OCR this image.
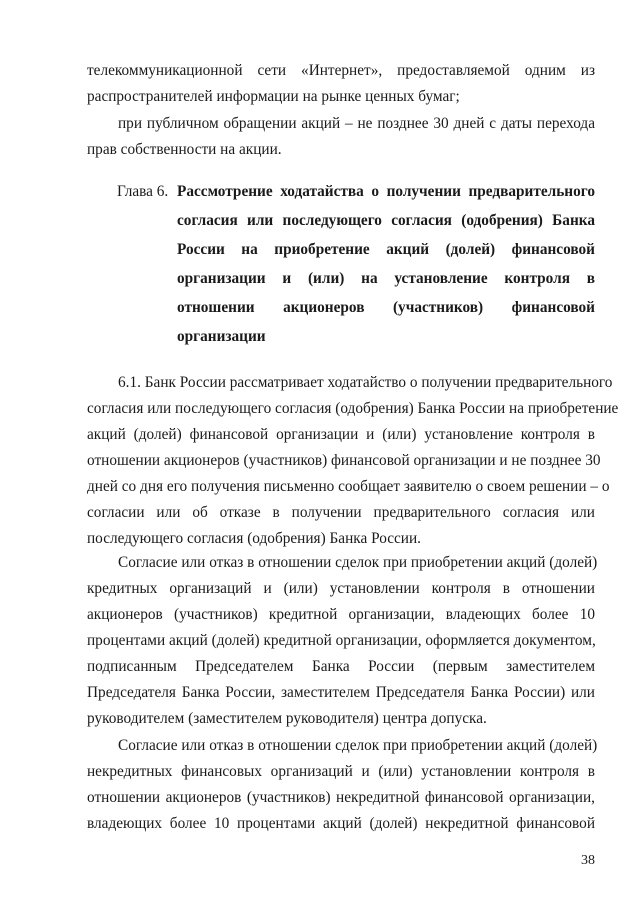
телекоммуникационной сети «Интернет», предоставляемой одним из
распространителей информации на рынке ценных бумаг;
при публичном обращении акций – не позднее 30 дней с даты перехода
прав собственности на акции.
Глава 6. Рассмотрение ходатайства о получении предварительного
согласия или последующего согласия (одобрения) Банка
России на приобретение акций (долей) финансовой
организации и (или) на установление контроля в
отношении акционеров (участников) финансовой
организации
6.1. Банк России рассматривает ходатайство о получении предварительного
согласия или последующего согласия (одобрения) Банка России на приобретение
акций (долей) финансовой организации и (или) установление контроля в
отношении акционеров (участников) финансовой организации и не позднее 30
дней со дня его получения письменно сообщает заявителю о своем решении – о
согласии или об отказе в получении предварительного согласия или
последующего согласия (одобрения) Банка России.
Согласие или отказ в отношении сделок при приобретении акций (долей)
кредитных организаций и (или) установлении контроля в отношении
акционеров (участников) кредитной организации, владеющих более 10
процентами акций (долей) кредитной организации, оформляется документом,
подписанным Председателем Банка России (первым заместителем
Председателя Банка России, заместителем Председателя Банка России) или
руководителем (заместителем руководителя) центра допуска.
Согласие или отказ в отношении сделок при приобретении акций (долей)
некредитных финансовых организаций и (или) установлении контроля в
отношении акционеров (участников) некредитной финансовой организации,
владеющих более 10 процентами акций (долей) некредитной финансовой
38
